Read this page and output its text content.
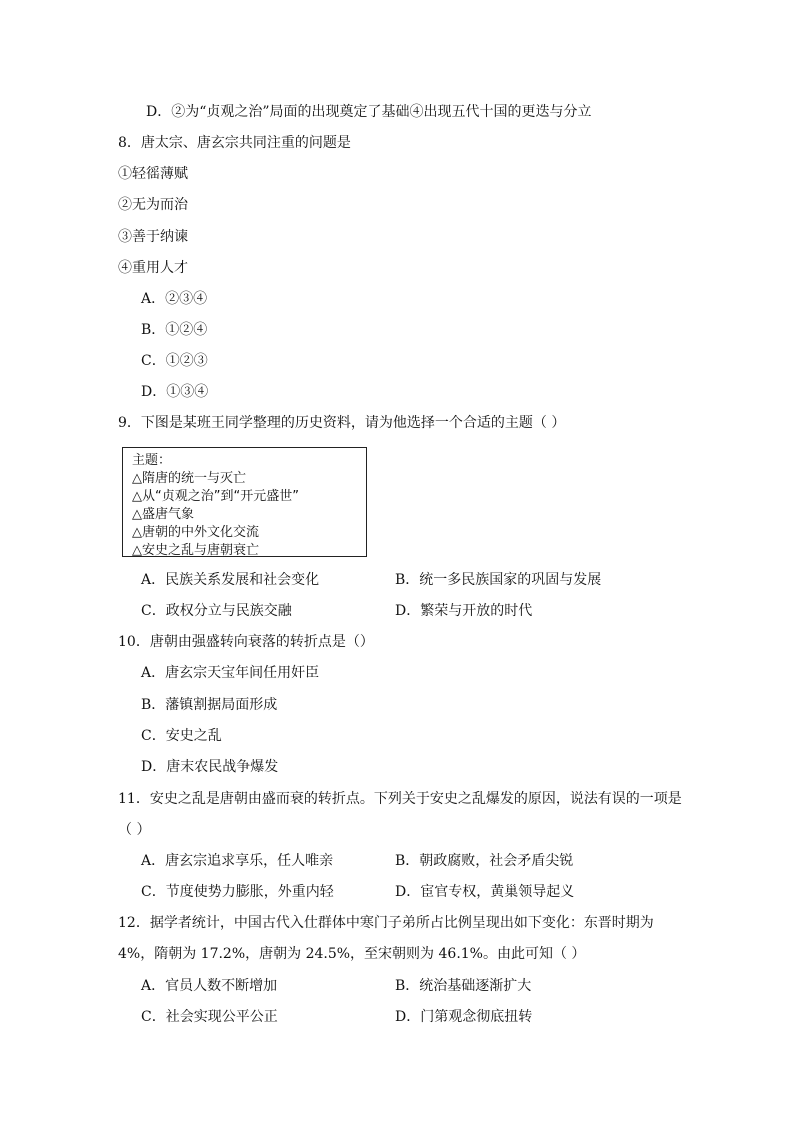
D．②为“贞观之治”局面的出现奠定了基础④出现五代十国的更迭与分立
8．唐太宗、唐玄宗共同注重的问题是
①轻徭薄赋
②无为而治
③善于纳谏
④重用人才
A．②③④
B．①②④
C．①②③
D．①③④
9．下图是某班王同学整理的历史资料，请为他选择一个合适的主题（ ）
主题：
△隋唐的统一与灭亡
△从“贞观之治”到“开元盛世”
△盛唐气象
△唐朝的中外文化交流
△安史之乱与唐朝衰亡
A．民族关系发展和社会变化	B．统一多民族国家的巩固与发展
C．政权分立与民族交融	D．繁荣与开放的时代
10．唐朝由强盛转向衰落的转折点是（）
A．唐玄宗天宝年间任用奸臣
B．藩镇割据局面形成
C．安史之乱
D．唐末农民战争爆发
11．安史之乱是唐朝由盛而衰的转折点。下列关于安史之乱爆发的原因，说法有误的一项是
（ ）
A．唐玄宗追求享乐，任人唯亲	B．朝政腐败，社会矛盾尖锐
C．节度使势力膨胀，外重内轻	D．宦官专权，黄巢领导起义
12．据学者统计，中国古代入仕群体中寒门子弟所占比例呈现出如下变化：东晋时期为
4%，隋朝为 17.2%，唐朝为 24.5%，至宋朝则为 46.1%。由此可知（ ）
A．官员人数不断增加	B．统治基础逐渐扩大
C．社会实现公平公正	D．门第观念彻底扭转
